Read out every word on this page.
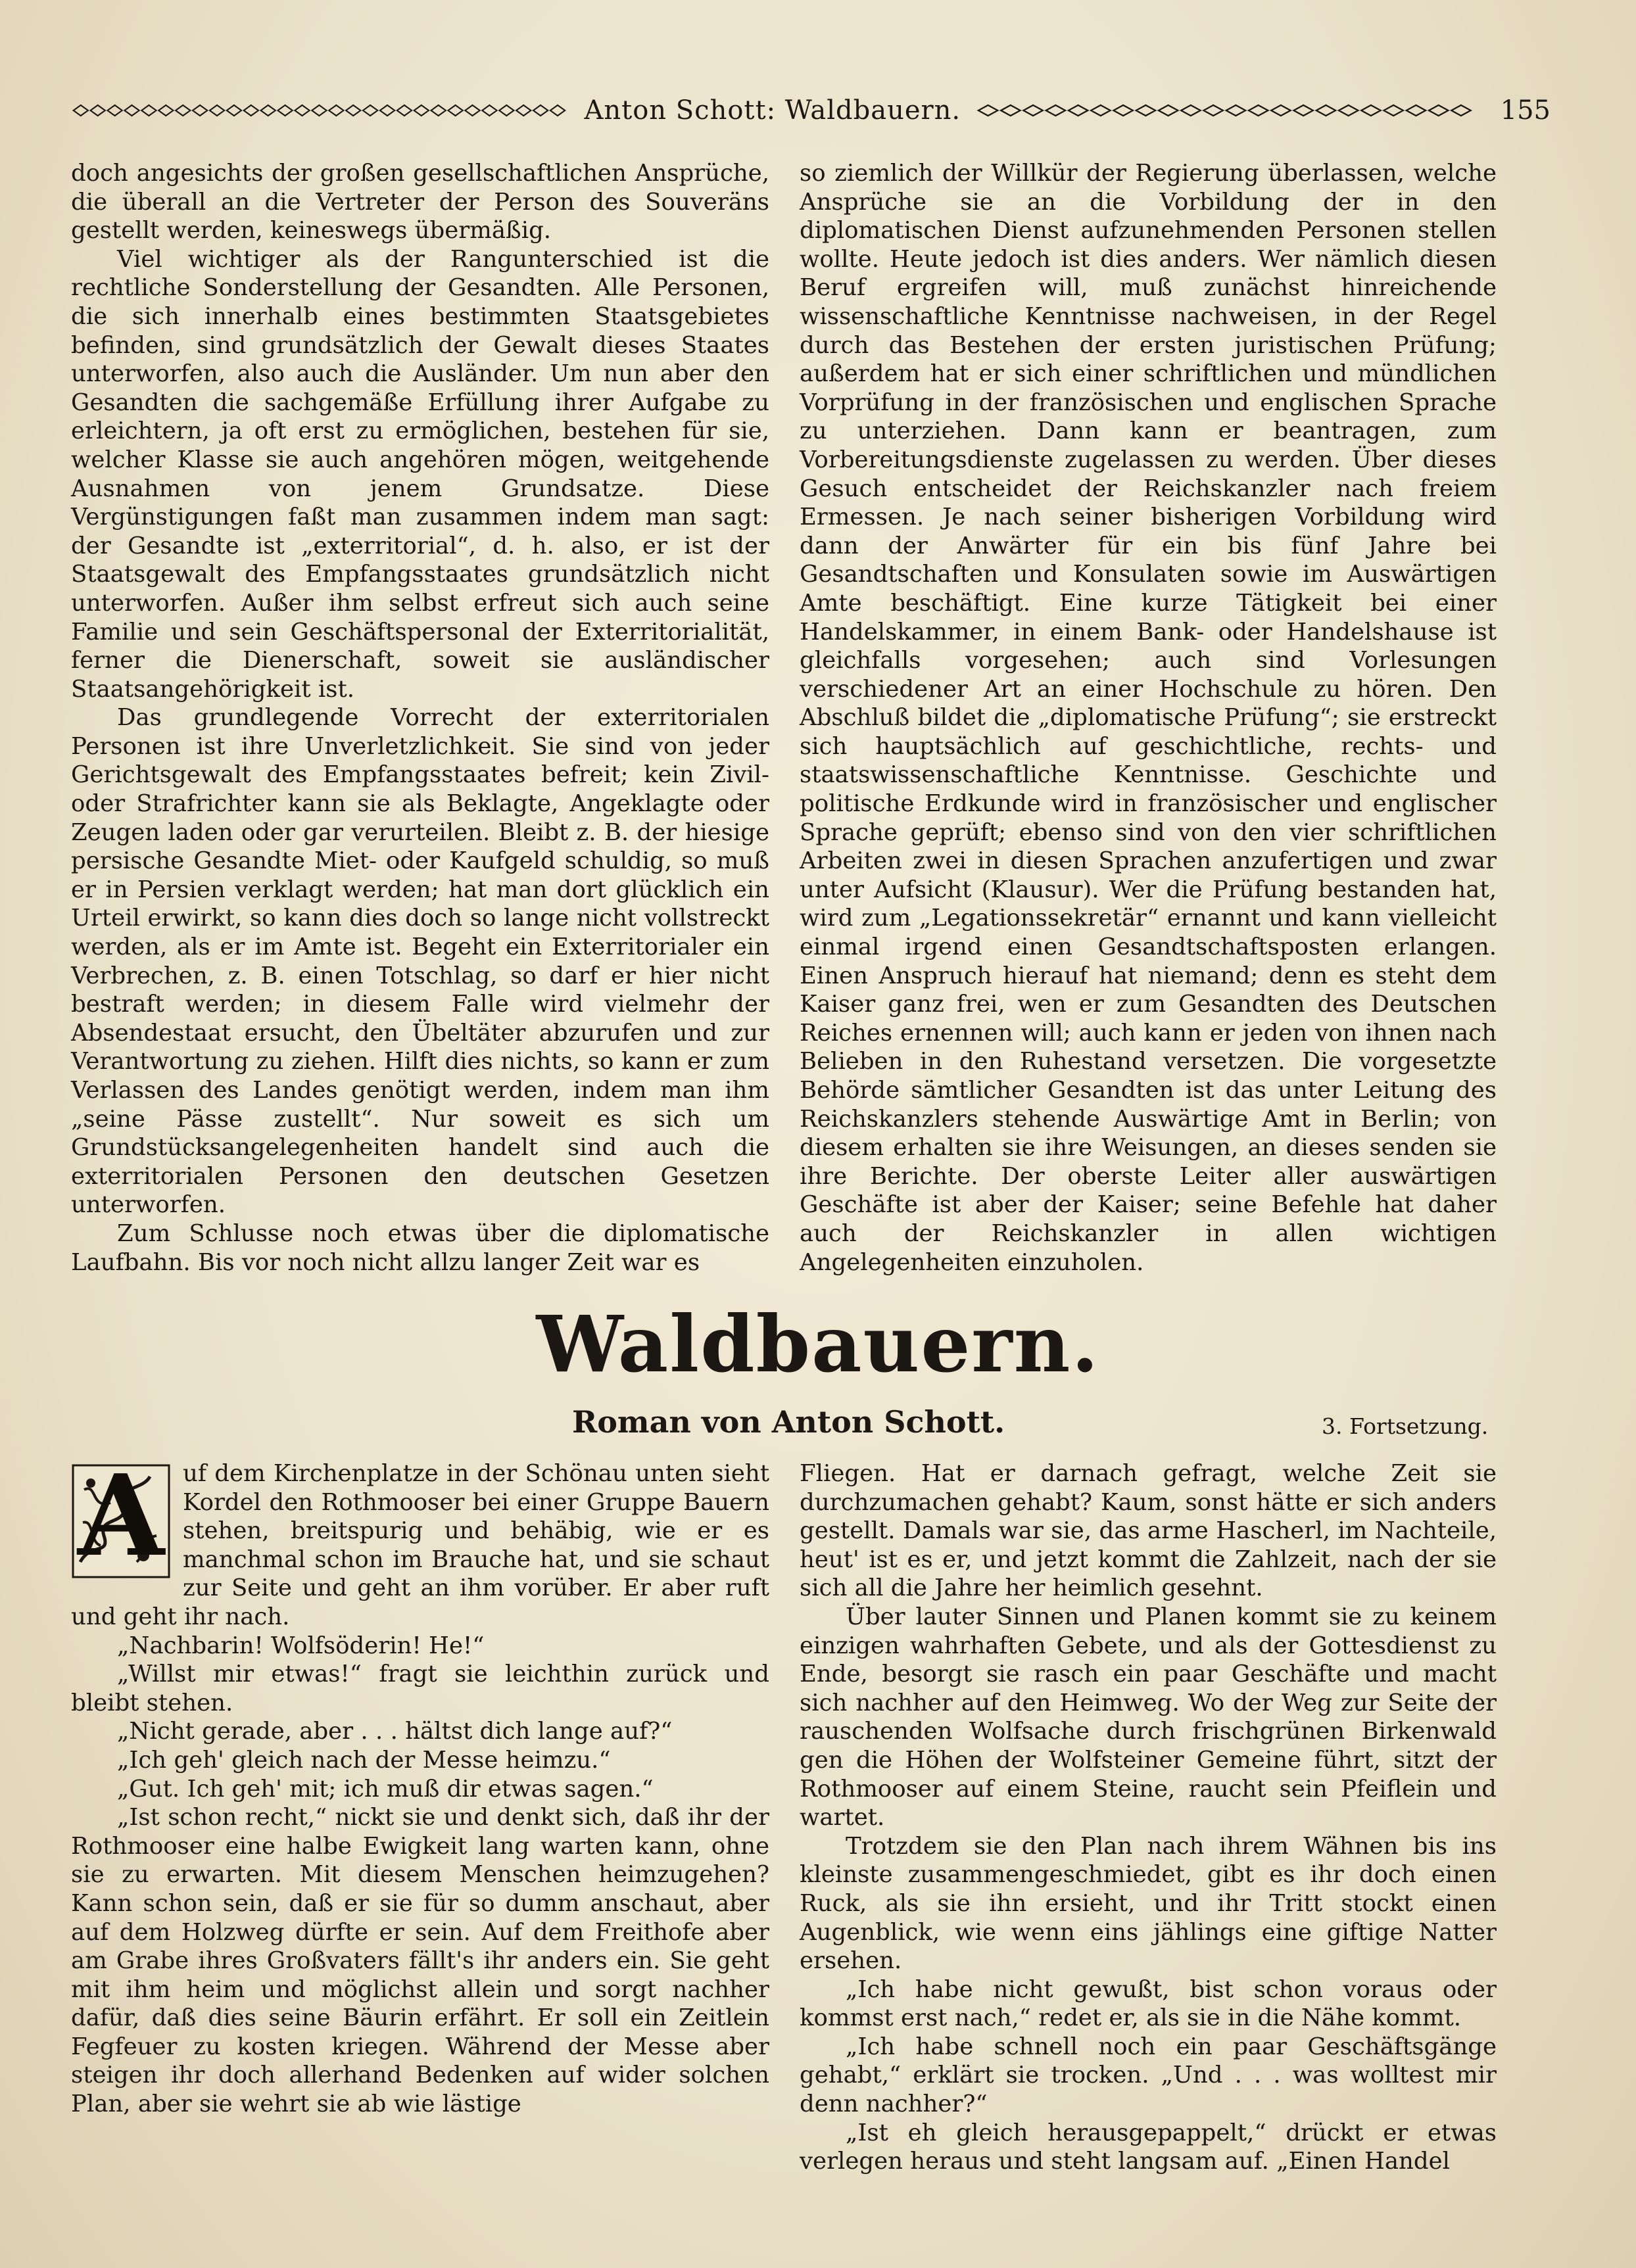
Anton Schott: Waldbauern.	155

doch angesichts der großen gesellschaftlichen Ansprüche, die überall an die Vertreter der Person des Souveräns gestellt werden, keineswegs übermäßig.

Viel wichtiger als der Rangunterschied ist die rechtliche Sonderstellung der Gesandten. Alle Personen, die sich innerhalb eines bestimmten Staatsgebietes befinden, sind grundsätzlich der Gewalt dieses Staates unterworfen, also auch die Ausländer. Um nun aber den Gesandten die sachgemäße Erfüllung ihrer Aufgabe zu erleichtern, ja oft erst zu ermöglichen, bestehen für sie, welcher Klasse sie auch angehören mögen, weitgehende Ausnahmen von jenem Grundsatze. Diese Vergünstigungen faßt man zusammen indem man sagt: der Gesandte ist „exterritorial“, d. h. also, er ist der Staatsgewalt des Empfangsstaates grundsätzlich nicht unterworfen. Außer ihm selbst erfreut sich auch seine Familie und sein Geschäftspersonal der Exterritorialität, ferner die Dienerschaft, soweit sie ausländischer Staatsangehörigkeit ist.

Das grundlegende Vorrecht der exterritorialen Personen ist ihre Unverletzlichkeit. Sie sind von jeder Gerichtsgewalt des Empfangsstaates befreit; kein Zivil- oder Strafrichter kann sie als Beklagte, Angeklagte oder Zeugen laden oder gar verurteilen. Bleibt z. B. der hiesige persische Gesandte Miet- oder Kaufgeld schuldig, so muß er in Persien verklagt werden; hat man dort glücklich ein Urteil erwirkt, so kann dies doch so lange nicht vollstreckt werden, als er im Amte ist. Begeht ein Exterritorialer ein Verbrechen, z. B. einen Totschlag, so darf er hier nicht bestraft werden; in diesem Falle wird vielmehr der Absendestaat ersucht, den Übeltäter abzurufen und zur Verantwortung zu ziehen. Hilft dies nichts, so kann er zum Verlassen des Landes genötigt werden, indem man ihm „seine Pässe zustellt“. Nur soweit es sich um Grundstücksangelegenheiten handelt sind auch die exterritorialen Personen den deutschen Gesetzen unterworfen.

Zum Schlusse noch etwas über die diplomatische Laufbahn. Bis vor noch nicht allzu langer Zeit war es

so ziemlich der Willkür der Regierung überlassen, welche Ansprüche sie an die Vorbildung der in den diplomatischen Dienst aufzunehmenden Personen stellen wollte. Heute jedoch ist dies anders. Wer nämlich diesen Beruf ergreifen will, muß zunächst hinreichende wissenschaftliche Kenntnisse nachweisen, in der Regel durch das Bestehen der ersten juristischen Prüfung; außerdem hat er sich einer schriftlichen und mündlichen Vorprüfung in der französischen und englischen Sprache zu unterziehen. Dann kann er beantragen, zum Vorbereitungsdienste zugelassen zu werden. Über dieses Gesuch entscheidet der Reichskanzler nach freiem Ermessen. Je nach seiner bisherigen Vorbildung wird dann der Anwärter für ein bis fünf Jahre bei Gesandtschaften und Konsulaten sowie im Auswärtigen Amte beschäftigt. Eine kurze Tätigkeit bei einer Handelskammer, in einem Bank- oder Handelshause ist gleichfalls vorgesehen; auch sind Vorlesungen verschiedener Art an einer Hochschule zu hören. Den Abschluß bildet die „diplomatische Prüfung“; sie erstreckt sich hauptsächlich auf geschichtliche, rechts- und staatswissenschaftliche Kenntnisse. Geschichte und politische Erdkunde wird in französischer und englischer Sprache geprüft; ebenso sind von den vier schriftlichen Arbeiten zwei in diesen Sprachen anzufertigen und zwar unter Aufsicht (Klausur). Wer die Prüfung bestanden hat, wird zum „Legationssekretär“ ernannt und kann vielleicht einmal irgend einen Gesandtschaftsposten erlangen. Einen Anspruch hierauf hat niemand; denn es steht dem Kaiser ganz frei, wen er zum Gesandten des Deutschen Reiches ernennen will; auch kann er jeden von ihnen nach Belieben in den Ruhestand versetzen. Die vorgesetzte Behörde sämtlicher Gesandten ist das unter Leitung des Reichskanzlers stehende Auswärtige Amt in Berlin; von diesem erhalten sie ihre Weisungen, an dieses senden sie ihre Berichte. Der oberste Leiter aller auswärtigen Geschäfte ist aber der Kaiser; seine Befehle hat daher auch der Reichskanzler in allen wichtigen Angelegenheiten einzuholen.

Waldbauern.
Roman von Anton Schott.	3. Fortsetzung.

A uf dem Kirchenplatze in der Schönau unten sieht Kordel den Rothmooser bei einer Gruppe Bauern stehen, breitspurig und behäbig, wie er es manchmal schon im Brauche hat, und sie schaut zur Seite und geht an ihm vorüber. Er aber ruft und geht ihr nach.

„Nachbarin! Wolfsöderin! He!“

„Willst mir etwas!“ fragt sie leichthin zurück und bleibt stehen.

„Nicht gerade, aber . . . hältst dich lange auf?“

„Ich geh' gleich nach der Messe heimzu.“

„Gut. Ich geh' mit; ich muß dir etwas sagen.“

„Ist schon recht,“ nickt sie und denkt sich, daß ihr der Rothmooser eine halbe Ewigkeit lang warten kann, ohne sie zu erwarten. Mit diesem Menschen heimzugehen? Kann schon sein, daß er sie für so dumm anschaut, aber auf dem Holzweg dürfte er sein. Auf dem Freithofe aber am Grabe ihres Großvaters fällt's ihr anders ein. Sie geht mit ihm heim und möglichst allein und sorgt nachher dafür, daß dies seine Bäurin erfährt. Er soll ein Zeitlein Fegfeuer zu kosten kriegen. Während der Messe aber steigen ihr doch allerhand Bedenken auf wider solchen Plan, aber sie wehrt sie ab wie lästige

Fliegen. Hat er darnach gefragt, welche Zeit sie durchzumachen gehabt? Kaum, sonst hätte er sich anders gestellt. Damals war sie, das arme Hascherl, im Nachteile, heut' ist es er, und jetzt kommt die Zahlzeit, nach der sie sich all die Jahre her heimlich gesehnt.

Über lauter Sinnen und Planen kommt sie zu keinem einzigen wahrhaften Gebete, und als der Gottesdienst zu Ende, besorgt sie rasch ein paar Geschäfte und macht sich nachher auf den Heimweg. Wo der Weg zur Seite der rauschenden Wolfsache durch frischgrünen Birkenwald gen die Höhen der Wolfsteiner Gemeine führt, sitzt der Rothmooser auf einem Steine, raucht sein Pfeiflein und wartet.

Trotzdem sie den Plan nach ihrem Wähnen bis ins kleinste zusammengeschmiedet, gibt es ihr doch einen Ruck, als sie ihn ersieht, und ihr Tritt stockt einen Augenblick, wie wenn eins jählings eine giftige Natter ersehen.

„Ich habe nicht gewußt, bist schon voraus oder kommst erst nach,“ redet er, als sie in die Nähe kommt.

„Ich habe schnell noch ein paar Geschäftsgänge gehabt,“ erklärt sie trocken. „Und . . . was wolltest mir denn nachher?“

„Ist eh gleich herausgepappelt,“ drückt er etwas verlegen heraus und steht langsam auf. „Einen Handel
